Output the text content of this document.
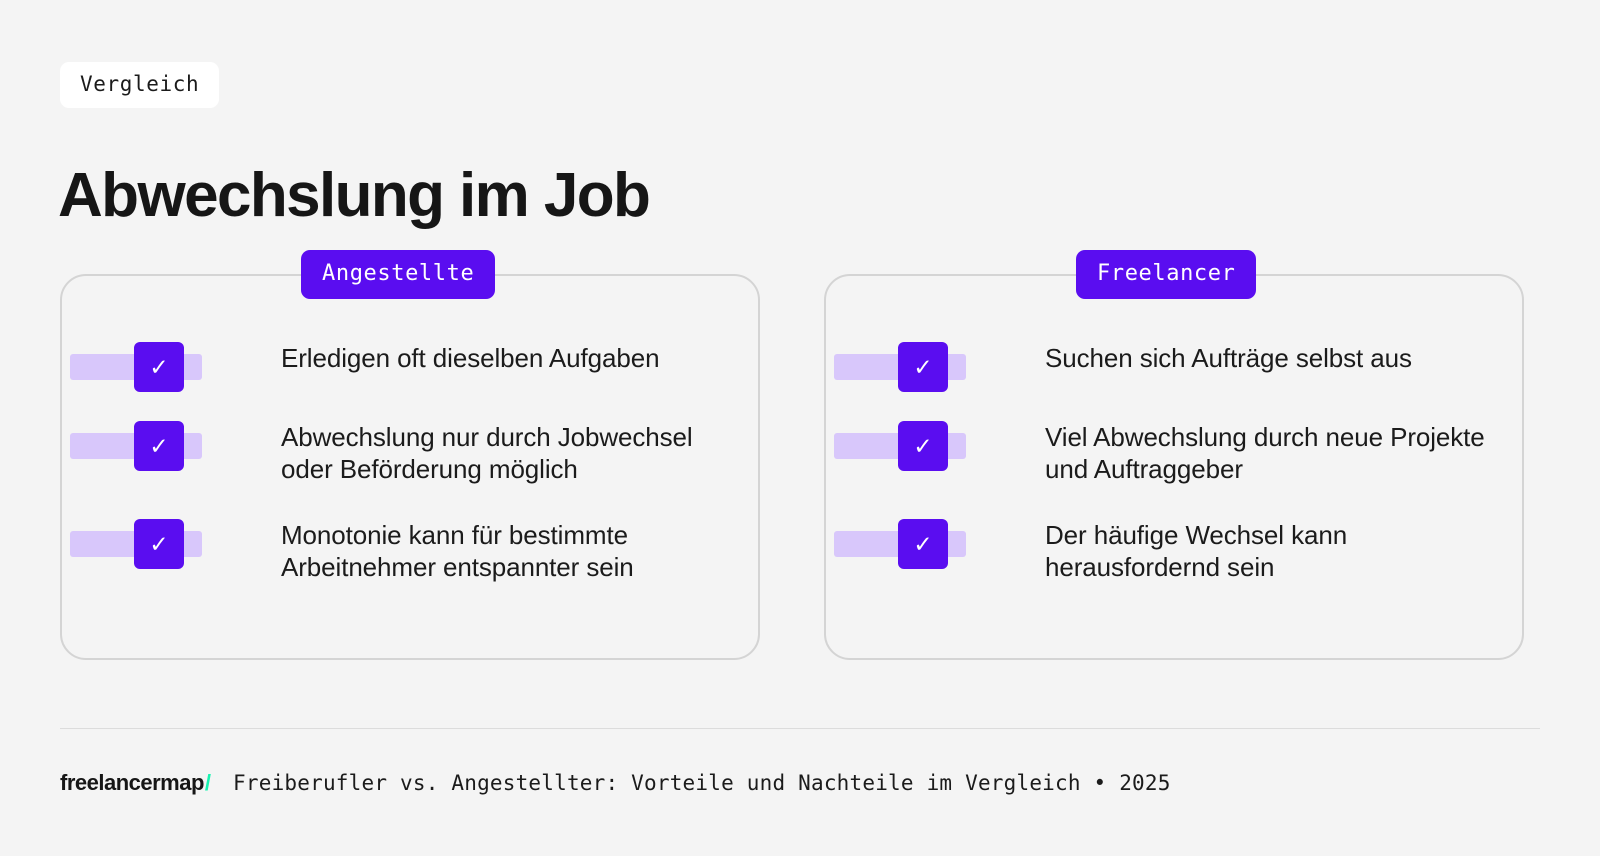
Vergleich
Abwechslung im Job
✓	Erledigen oft dieselben Aufgaben
✓	Abwechslung nur durch Jobwechsel oder Beförderung möglich
✓	Monotonie kann für bestimmte Arbeitnehmer entspannter sein
✓	Suchen sich Aufträge selbst aus
✓	Viel Abwechslung durch neue Projekte und Auftraggeber
✓	Der häufige Wechsel kann herausfordernd sein
Angestellte	Freelancer
freelancermap / Freiberufler vs. Angestellter: Vorteile und Nachteile im Vergleich • 2025
